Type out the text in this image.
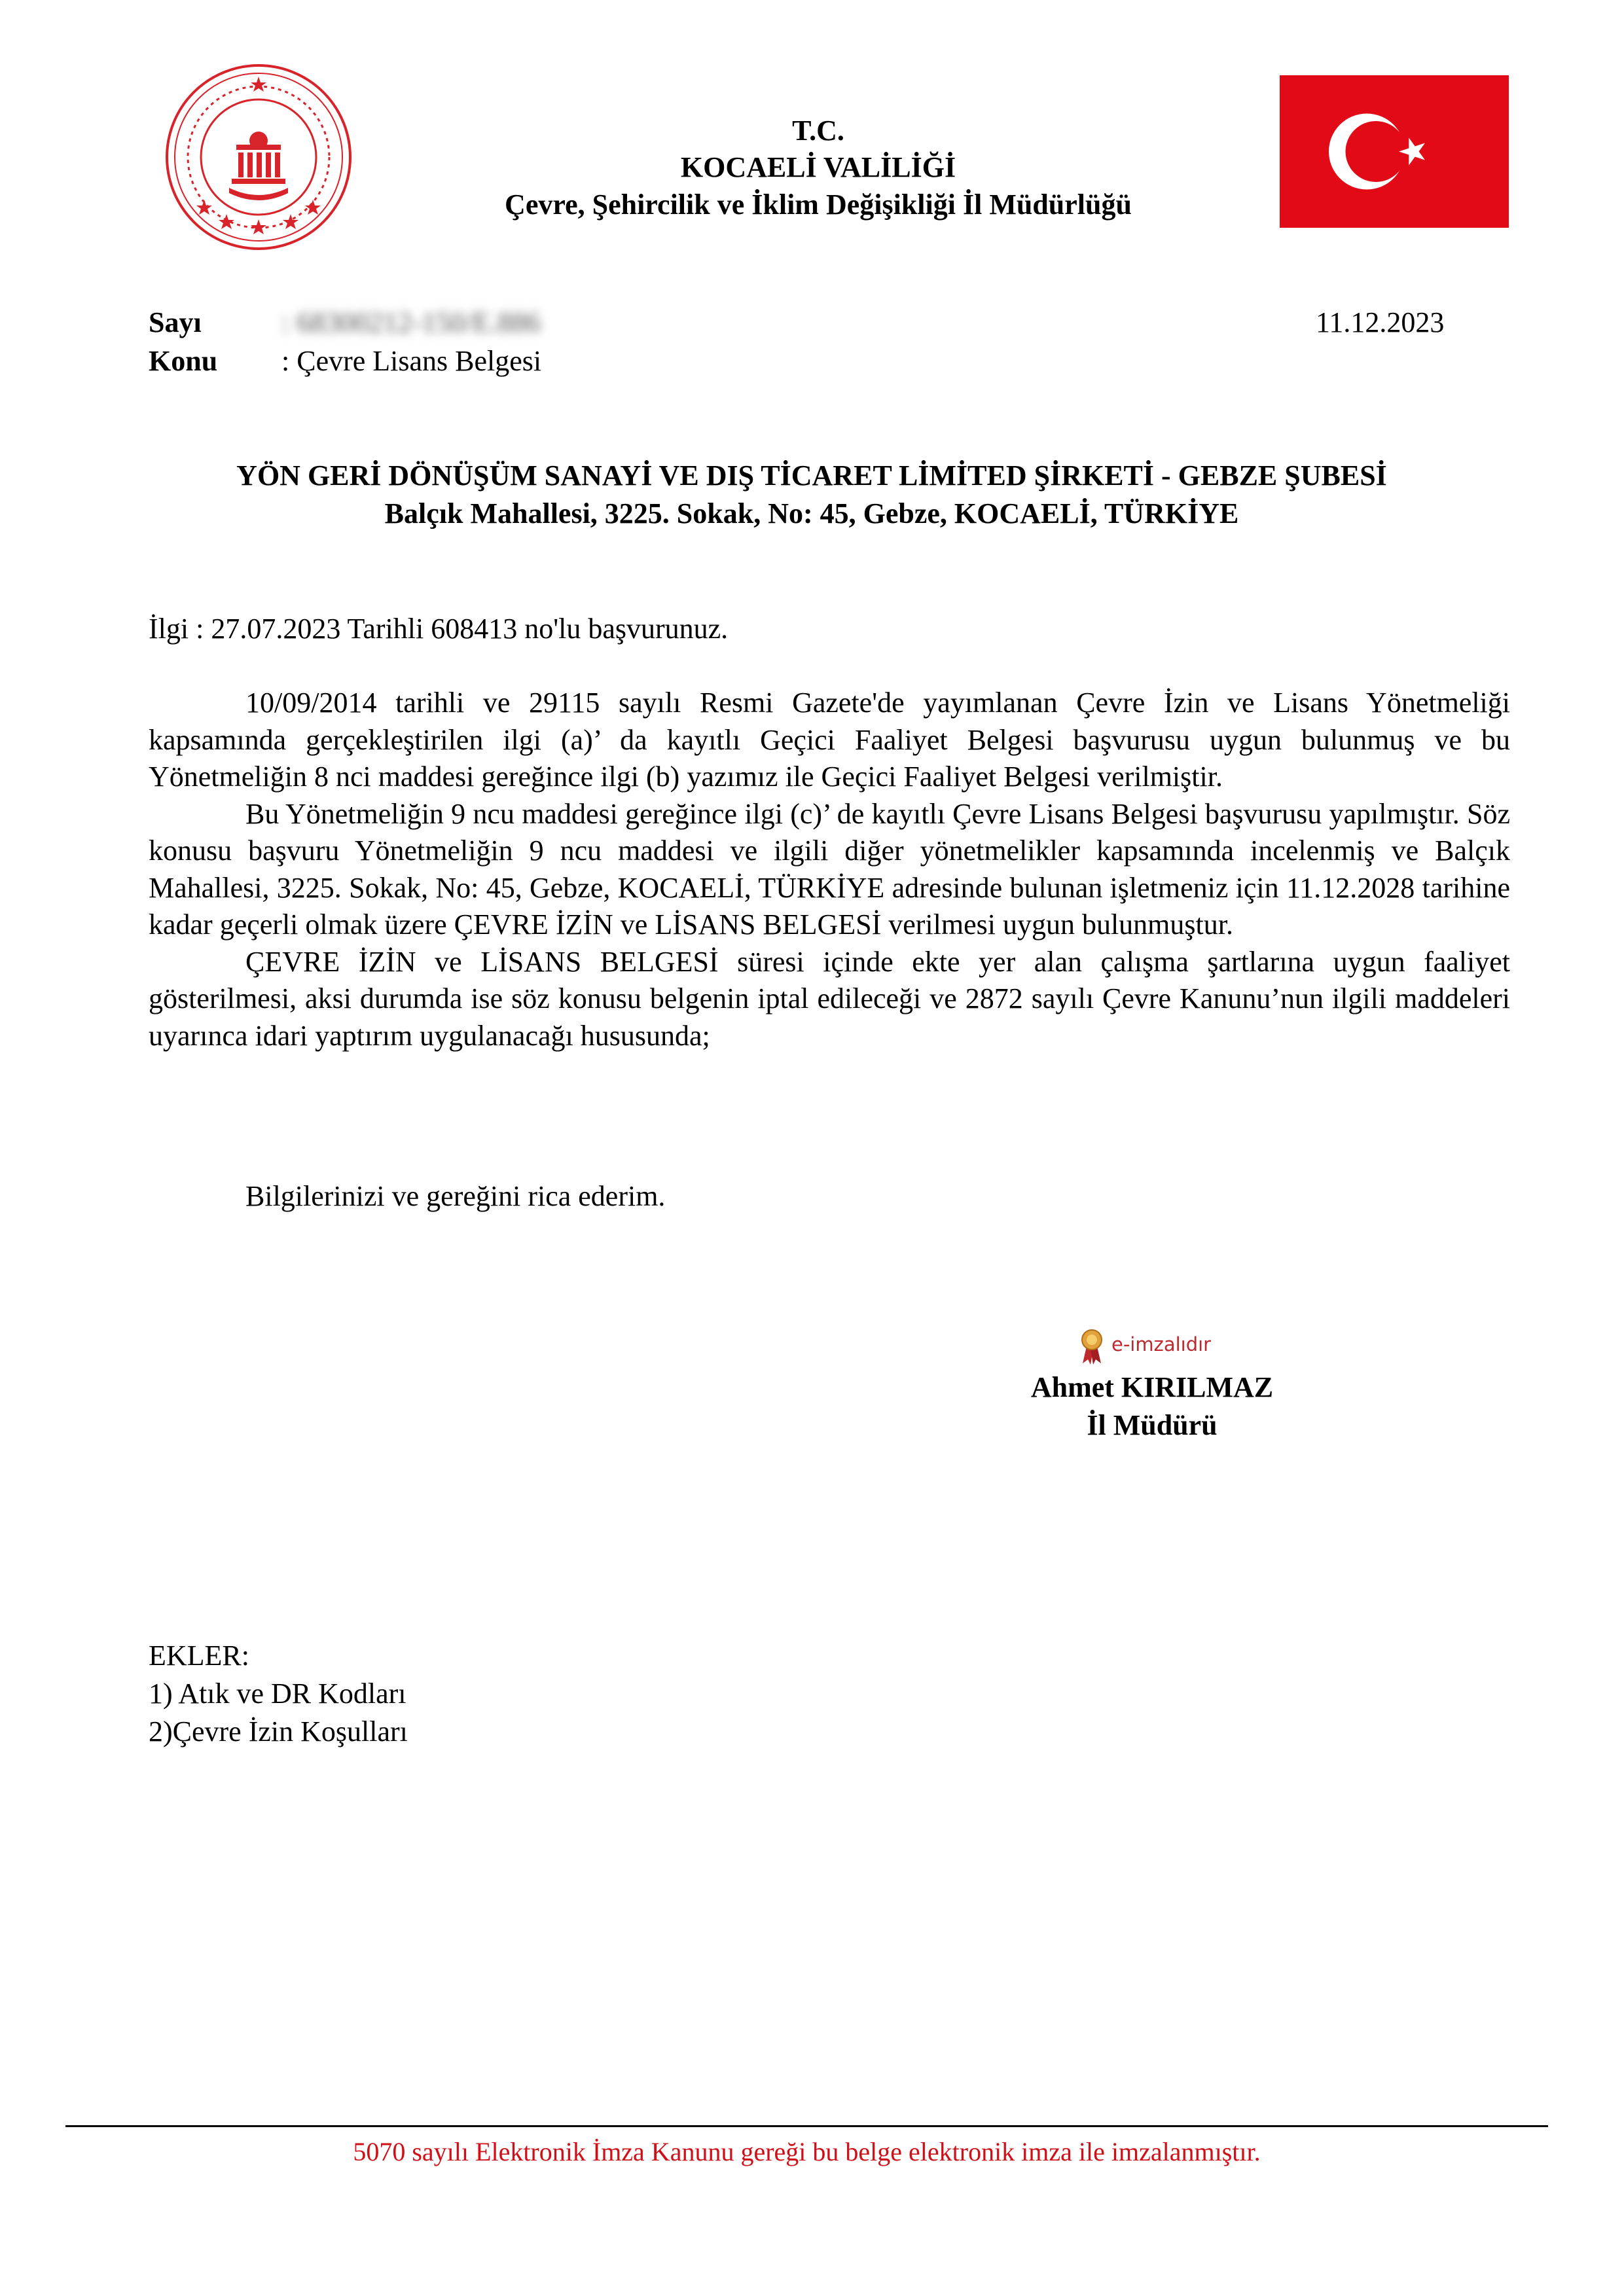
T.C.
KOCAELİ VALİLİĞİ
Çevre, Şehircilik ve İklim Değişikliği İl Müdürlüğü
Sayı	: 68300212-150/E.886	11.12.2023
Konu : Çevre Lisans Belgesi
YÖN GERİ DÖNÜŞÜM SANAYİ VE DIŞ TİCARET LİMİTED ŞİRKETİ - GEBZE ŞUBESİ
Balçık Mahallesi, 3225. Sokak, No: 45, Gebze, KOCAELİ, TÜRKİYE
İlgi : 27.07.2023 Tarihli 608413 no'lu başvurunuz.

10/09/2014 tarihli ve 29115 sayılı Resmi Gazete'de yayımlanan Çevre İzin ve Lisans Yönetmeliği kapsamında gerçekleştirilen ilgi (a)’ da kayıtlı Geçici Faaliyet Belgesi başvurusu uygun bulunmuş ve bu Yönetmeliğin 8 nci maddesi gereğince ilgi (b) yazımız ile Geçici Faaliyet Belgesi verilmiştir.

Bu Yönetmeliğin 9 ncu maddesi gereğince ilgi (c)’ de kayıtlı Çevre Lisans Belgesi başvurusu yapılmıştır. Söz konusu başvuru Yönetmeliğin 9 ncu maddesi ve ilgili diğer yönetmelikler kapsamında incelenmiş ve Balçık Mahallesi, 3225. Sokak, No: 45, Gebze, KOCAELİ, TÜRKİYE adresinde bulunan işletmeniz için 11.12.2028 tarihine kadar geçerli olmak üzere ÇEVRE İZİN ve LİSANS BELGESİ verilmesi uygun bulunmuştur.

ÇEVRE İZİN ve LİSANS BELGESİ süresi içinde ekte yer alan çalışma şartlarına uygun faaliyet gösterilmesi, aksi durumda ise söz konusu belgenin iptal edileceği ve 2872 sayılı Çevre Kanunu’nun ilgili maddeleri uyarınca idari yaptırım uygulanacağı hususunda;

Bilgilerinizi ve gereğini rica ederim.
e-imzalıdır
Ahmet KIRILMAZ
İl Müdürü
EKLER:
1) Atık ve DR Kodları
2)Çevre İzin Koşulları
5070 sayılı Elektronik İmza Kanunu gereği bu belge elektronik imza ile imzalanmıştır.
